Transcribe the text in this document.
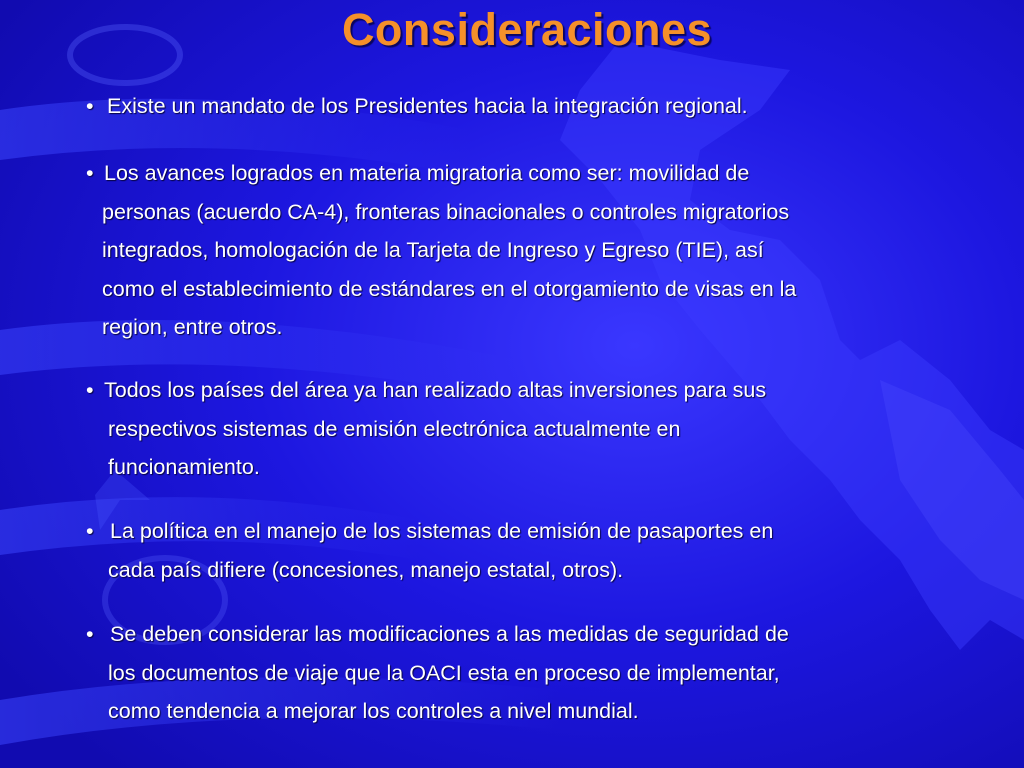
Consideraciones
• Existe un mandato de los Presidentes hacia la integración regional.
• Los avances logrados en materia migratoria como ser: movilidad de
personas (acuerdo CA-4), fronteras binacionales o controles migratorios
integrados, homologación de la Tarjeta de Ingreso y Egreso (TIE), así
como el establecimiento de estándares en el otorgamiento de visas en la
region, entre otros.
• Todos los países del área ya han realizado altas inversiones para sus
respectivos sistemas de emisión electrónica actualmente en
funcionamiento.
• La política en el manejo de los sistemas de emisión de pasaportes en
cada país difiere (concesiones, manejo estatal, otros).
• Se deben considerar las modificaciones a las medidas de seguridad de
los documentos de viaje que la OACI esta en proceso de implementar,
como tendencia a mejorar los controles a nivel mundial.
